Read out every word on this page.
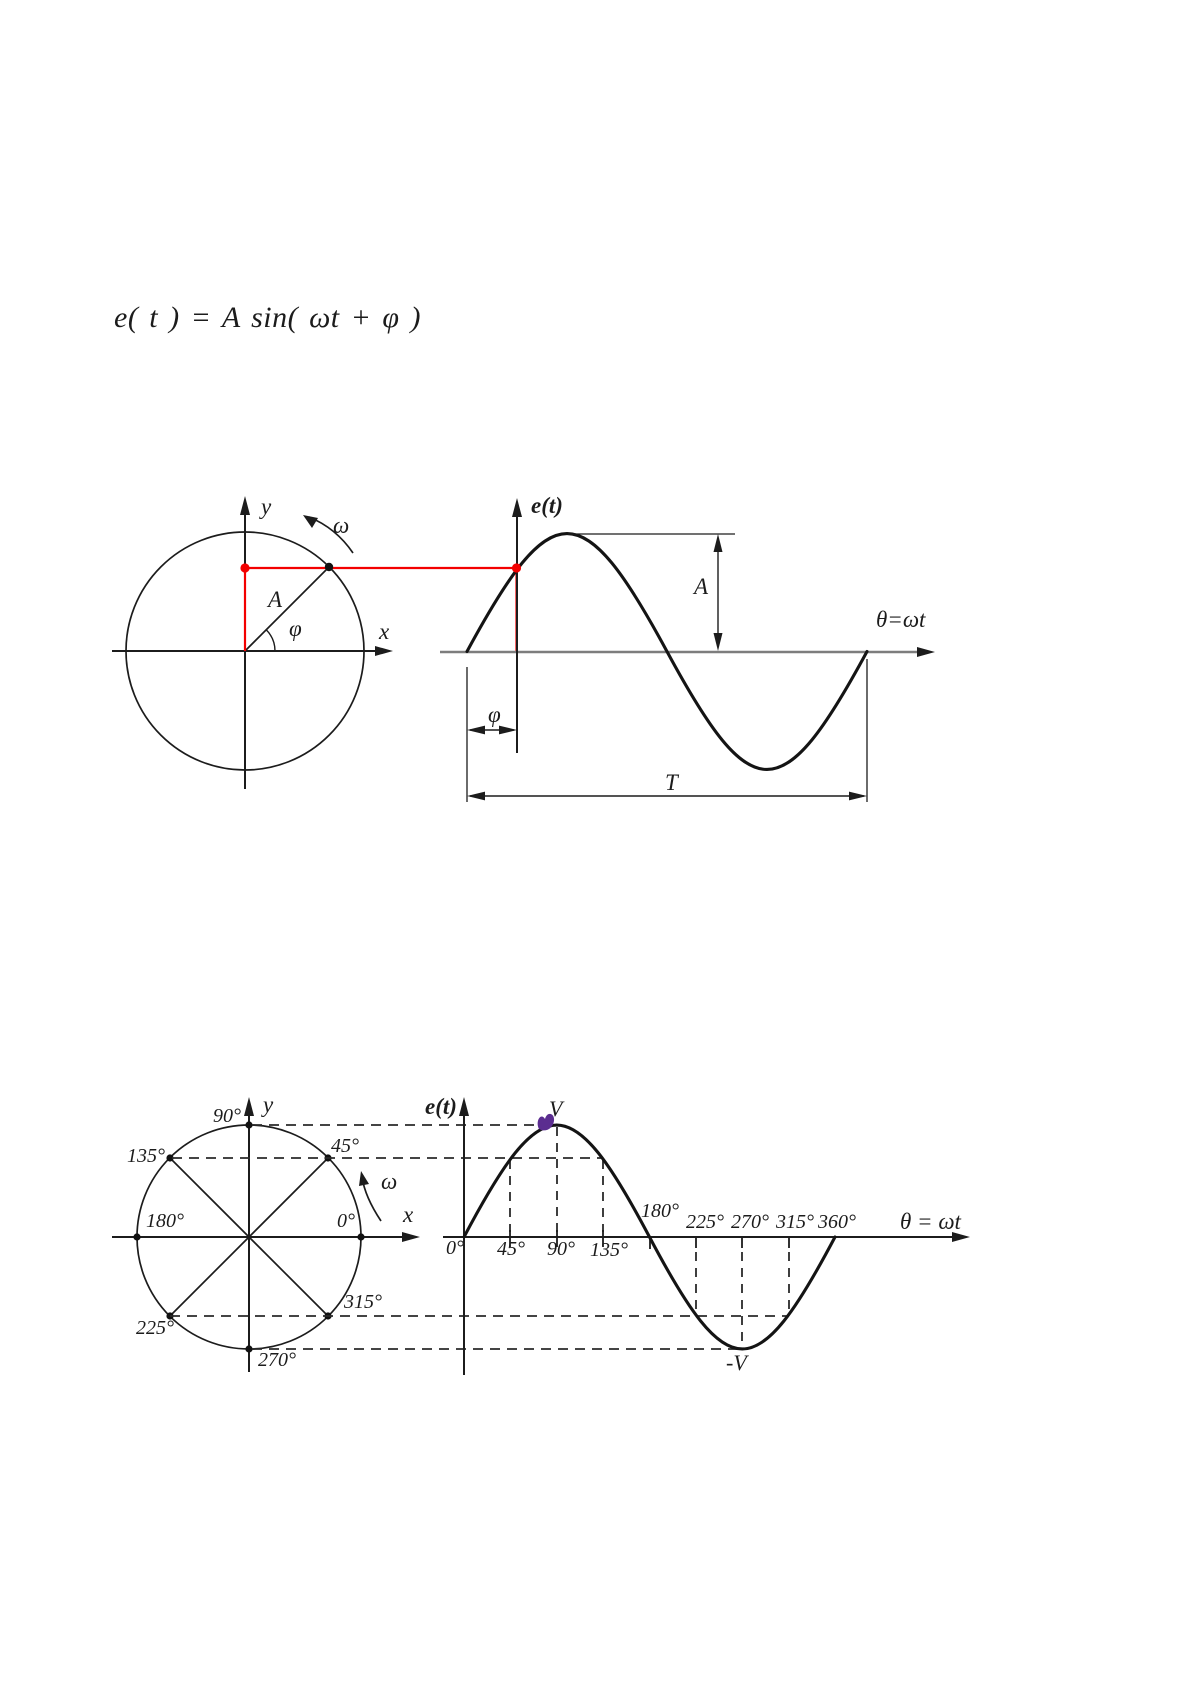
e( t ) = A sin( ωt + φ )
y
ω
x
A
φ
e(t)
θ=ωt
A
φ
T
y
x
ω
90°
45°
135°
180°	0°
225°
270°
315°
e(t)
θ = ωt
V
-V
0° 45° 90° 135°
180° 225° 270° 315° 360°
